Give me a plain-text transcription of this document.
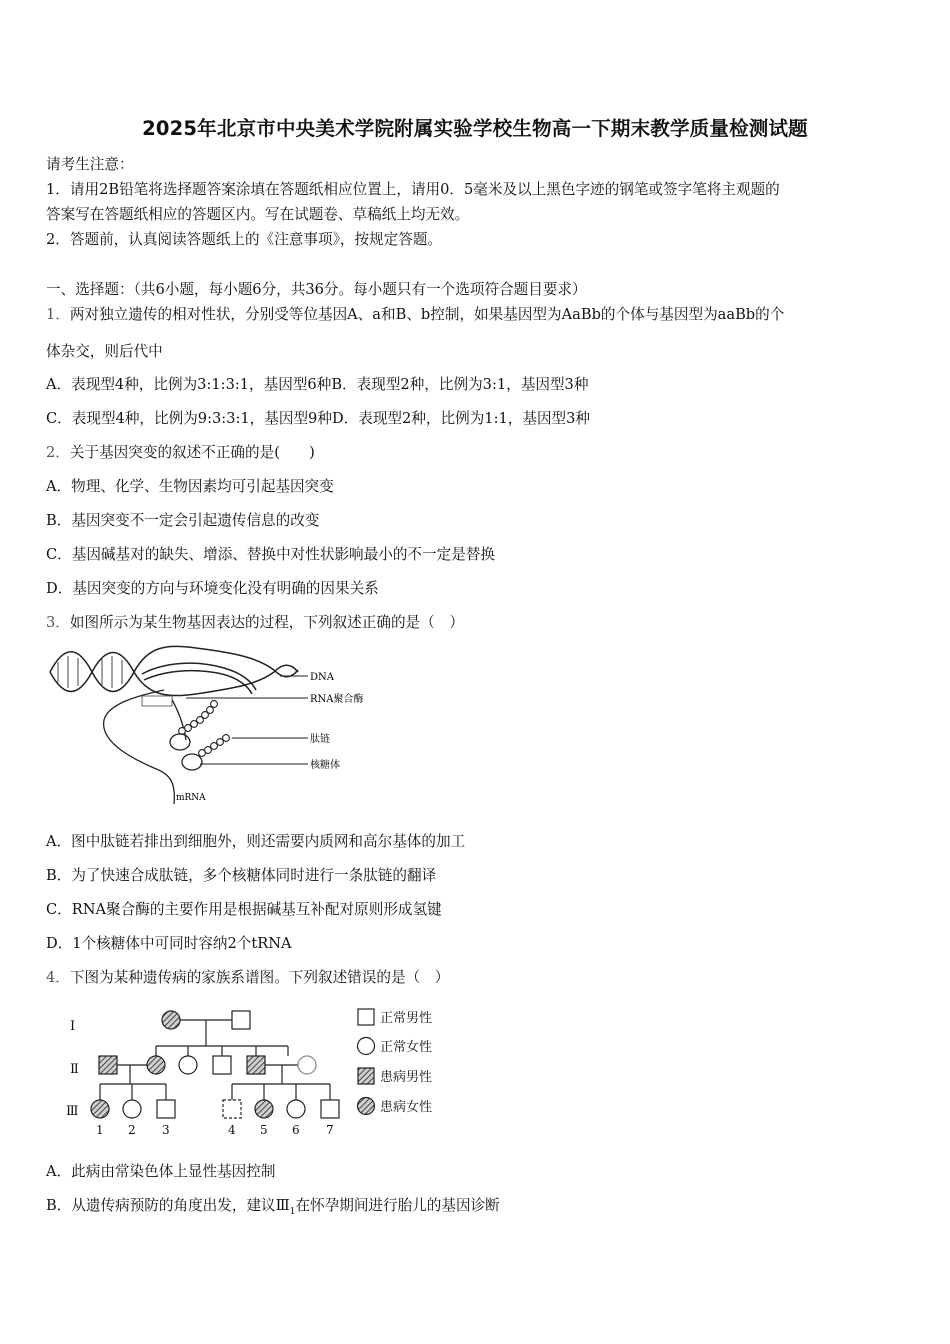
2025年北京市中央美术学院附属实验学校生物高一下期末教学质量检测试题
请考生注意：
1．请用2B铅笔将选择题答案涂填在答题纸相应位置上，请用0．5毫米及以上黑色字迹的钢笔或签字笔将主观题的
答案写在答题纸相应的答题区内。写在试题卷、草稿纸上均无效。
2．答题前，认真阅读答题纸上的《注意事项》，按规定答题。
一、选择题：（共6小题，每小题6分，共36分。每小题只有一个选项符合题目要求）
1．两对独立遗传的相对性状，分别受等位基因A、a和B、b控制，如果基因型为AaBb的个体与基因型为aaBb的个
体杂交，则后代中
A．表现型4种，比例为3:1:3:1，基因型6种B．表现型2种，比例为3:1，基因型3种
C．表现型4种，比例为9:3:3:1，基因型9种D．表现型2种，比例为1:1，基因型3种
2．关于基因突变的叙述不正确的是(　　)
A．物理、化学、生物因素均可引起基因突变
B．基因突变不一定会引起遗传信息的改变
C．基因碱基对的缺失、增添、替换中对性状影响最小的不一定是替换
D．基因突变的方向与环境变化没有明确的因果关系
3．如图所示为某生物基因表达的过程，下列叙述正确的是（　）
DNA
RNA聚合酶
肽链
核糖体
mRNA
A．图中肽链若排出到细胞外，则还需要内质网和高尔基体的加工
B．为了快速合成肽链，多个核糖体同时进行一条肽链的翻译
C．RNA聚合酶的主要作用是根据碱基互补配对原则形成氢键
D．1个核糖体中可同时容纳2个tRNA
4．下图为某种遗传病的家族系谱图。下列叙述错误的是（　）
Ⅰ
Ⅱ
Ⅲ
1 2 3	4 5 6 7
正常男性
正常女性
患病男性
患病女性
A．此病由常染色体上显性基因控制
B．从遗传病预防的角度出发，建议$Ⅲ_1$在怀孕期间进行胎儿的基因诊断
